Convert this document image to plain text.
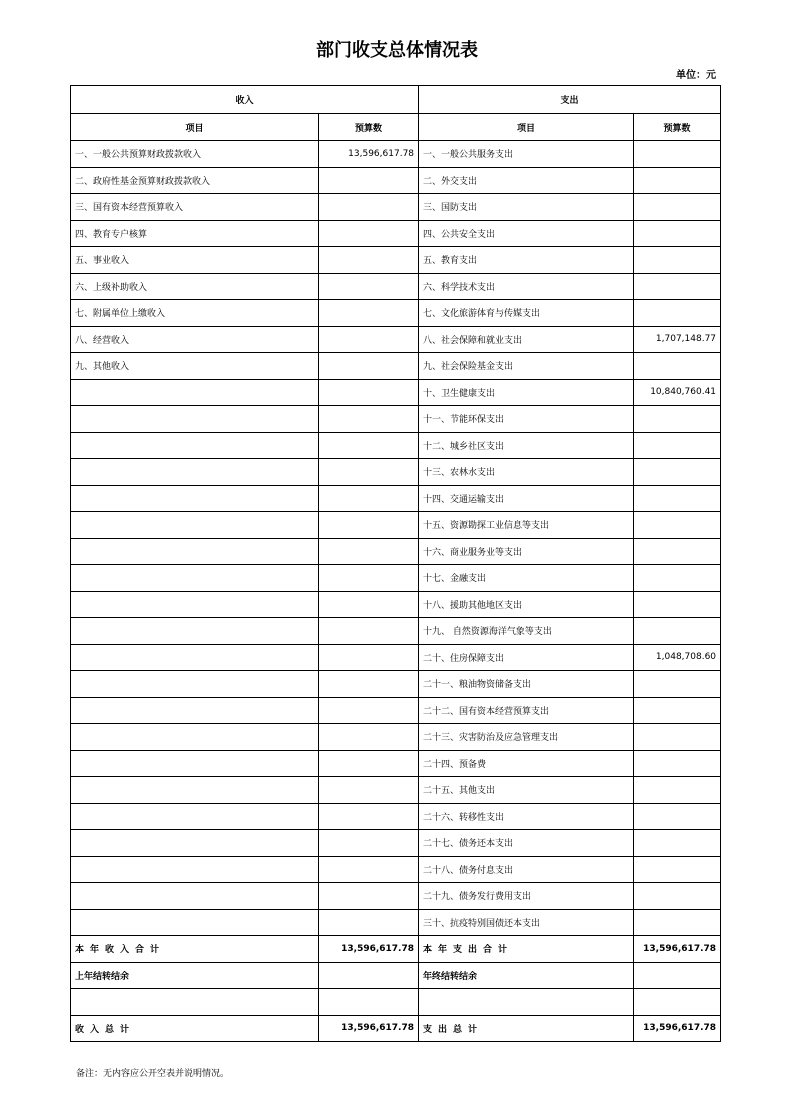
部门收支总体情况表
单位：元
收入		支出	
项目	预算数	项目	预算数
一、一般公共预算财政拨款收入	13,596,617.78	一、一般公共服务支出	
二、政府性基金预算财政拨款收入		二、外交支出	
三、国有资本经营预算收入		三、国防支出	
四、教育专户核算		四、公共安全支出	
五、事业收入		五、教育支出	
六、上级补助收入		六、科学技术支出	
七、附属单位上缴收入		七、文化旅游体育与传媒支出	
八、经营收入		八、社会保障和就业支出	1,707,148.77
九、其他收入		九、社会保险基金支出	
		十、卫生健康支出	10,840,760.41
		十一、节能环保支出	
		十二、城乡社区支出	
		十三、农林水支出	
		十四、交通运输支出	
		十五、资源勘探工业信息等支出	
		十六、商业服务业等支出	
		十七、金融支出	
		十八、援助其他地区支出	
		十九、 自然资源海洋气象等支出	
		二十、住房保障支出	1,048,708.60
		二十一、粮油物资储备支出	
		二十二、国有资本经营预算支出	
		二十三、灾害防治及应急管理支出	
		二十四、预备费	
		二十五、其他支出	
		二十六、转移性支出	
		二十七、债务还本支出	
		二十八、债务付息支出	
		二十九、债务发行费用支出	
		三十、抗疫特别国债还本支出	
本年收入合计	13,596,617.78	本年支出合计	13,596,617.78
上年结转结余		年终结转结余	

收入总计	13,596,617.78	支出总计	13,596,617.78
备注：无内容应公开空表并说明情况。
